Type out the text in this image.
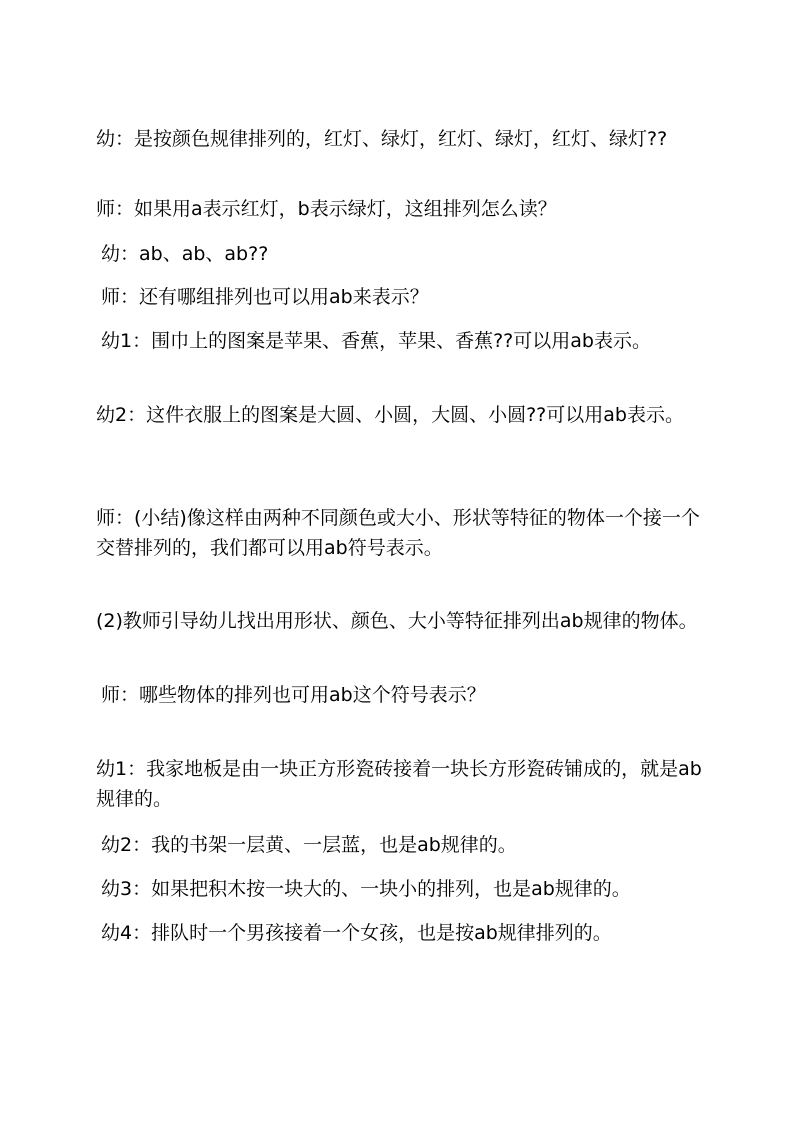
幼：是按颜色规律排列的，红灯、绿灯，红灯、绿灯，红灯、绿灯??

师：如果用a表示红灯，b表示绿灯，这组排列怎么读？

幼：ab、ab、ab??

师：还有哪组排列也可以用ab来表示？

幼1：围巾上的图案是苹果、香蕉，苹果、香蕉??可以用ab表示。

幼2：这件衣服上的图案是大圆、小圆，大圆、小圆??可以用ab表示。

师：(小结)像这样由两种不同颜色或大小、形状等特征的物体一个接一个交替排列的，我们都可以用ab符号表示。

(2)教师引导幼儿找出用形状、颜色、大小等特征排列出ab规律的物体。

师：哪些物体的排列也可用ab这个符号表示？

幼1：我家地板是由一块正方形瓷砖接着一块长方形瓷砖铺成的，就是ab规律的。

幼2：我的书架一层黄、一层蓝，也是ab规律的。

幼3：如果把积木按一块大的、一块小的排列，也是ab规律的。

幼4：排队时一个男孩接着一个女孩，也是按ab规律排列的。
